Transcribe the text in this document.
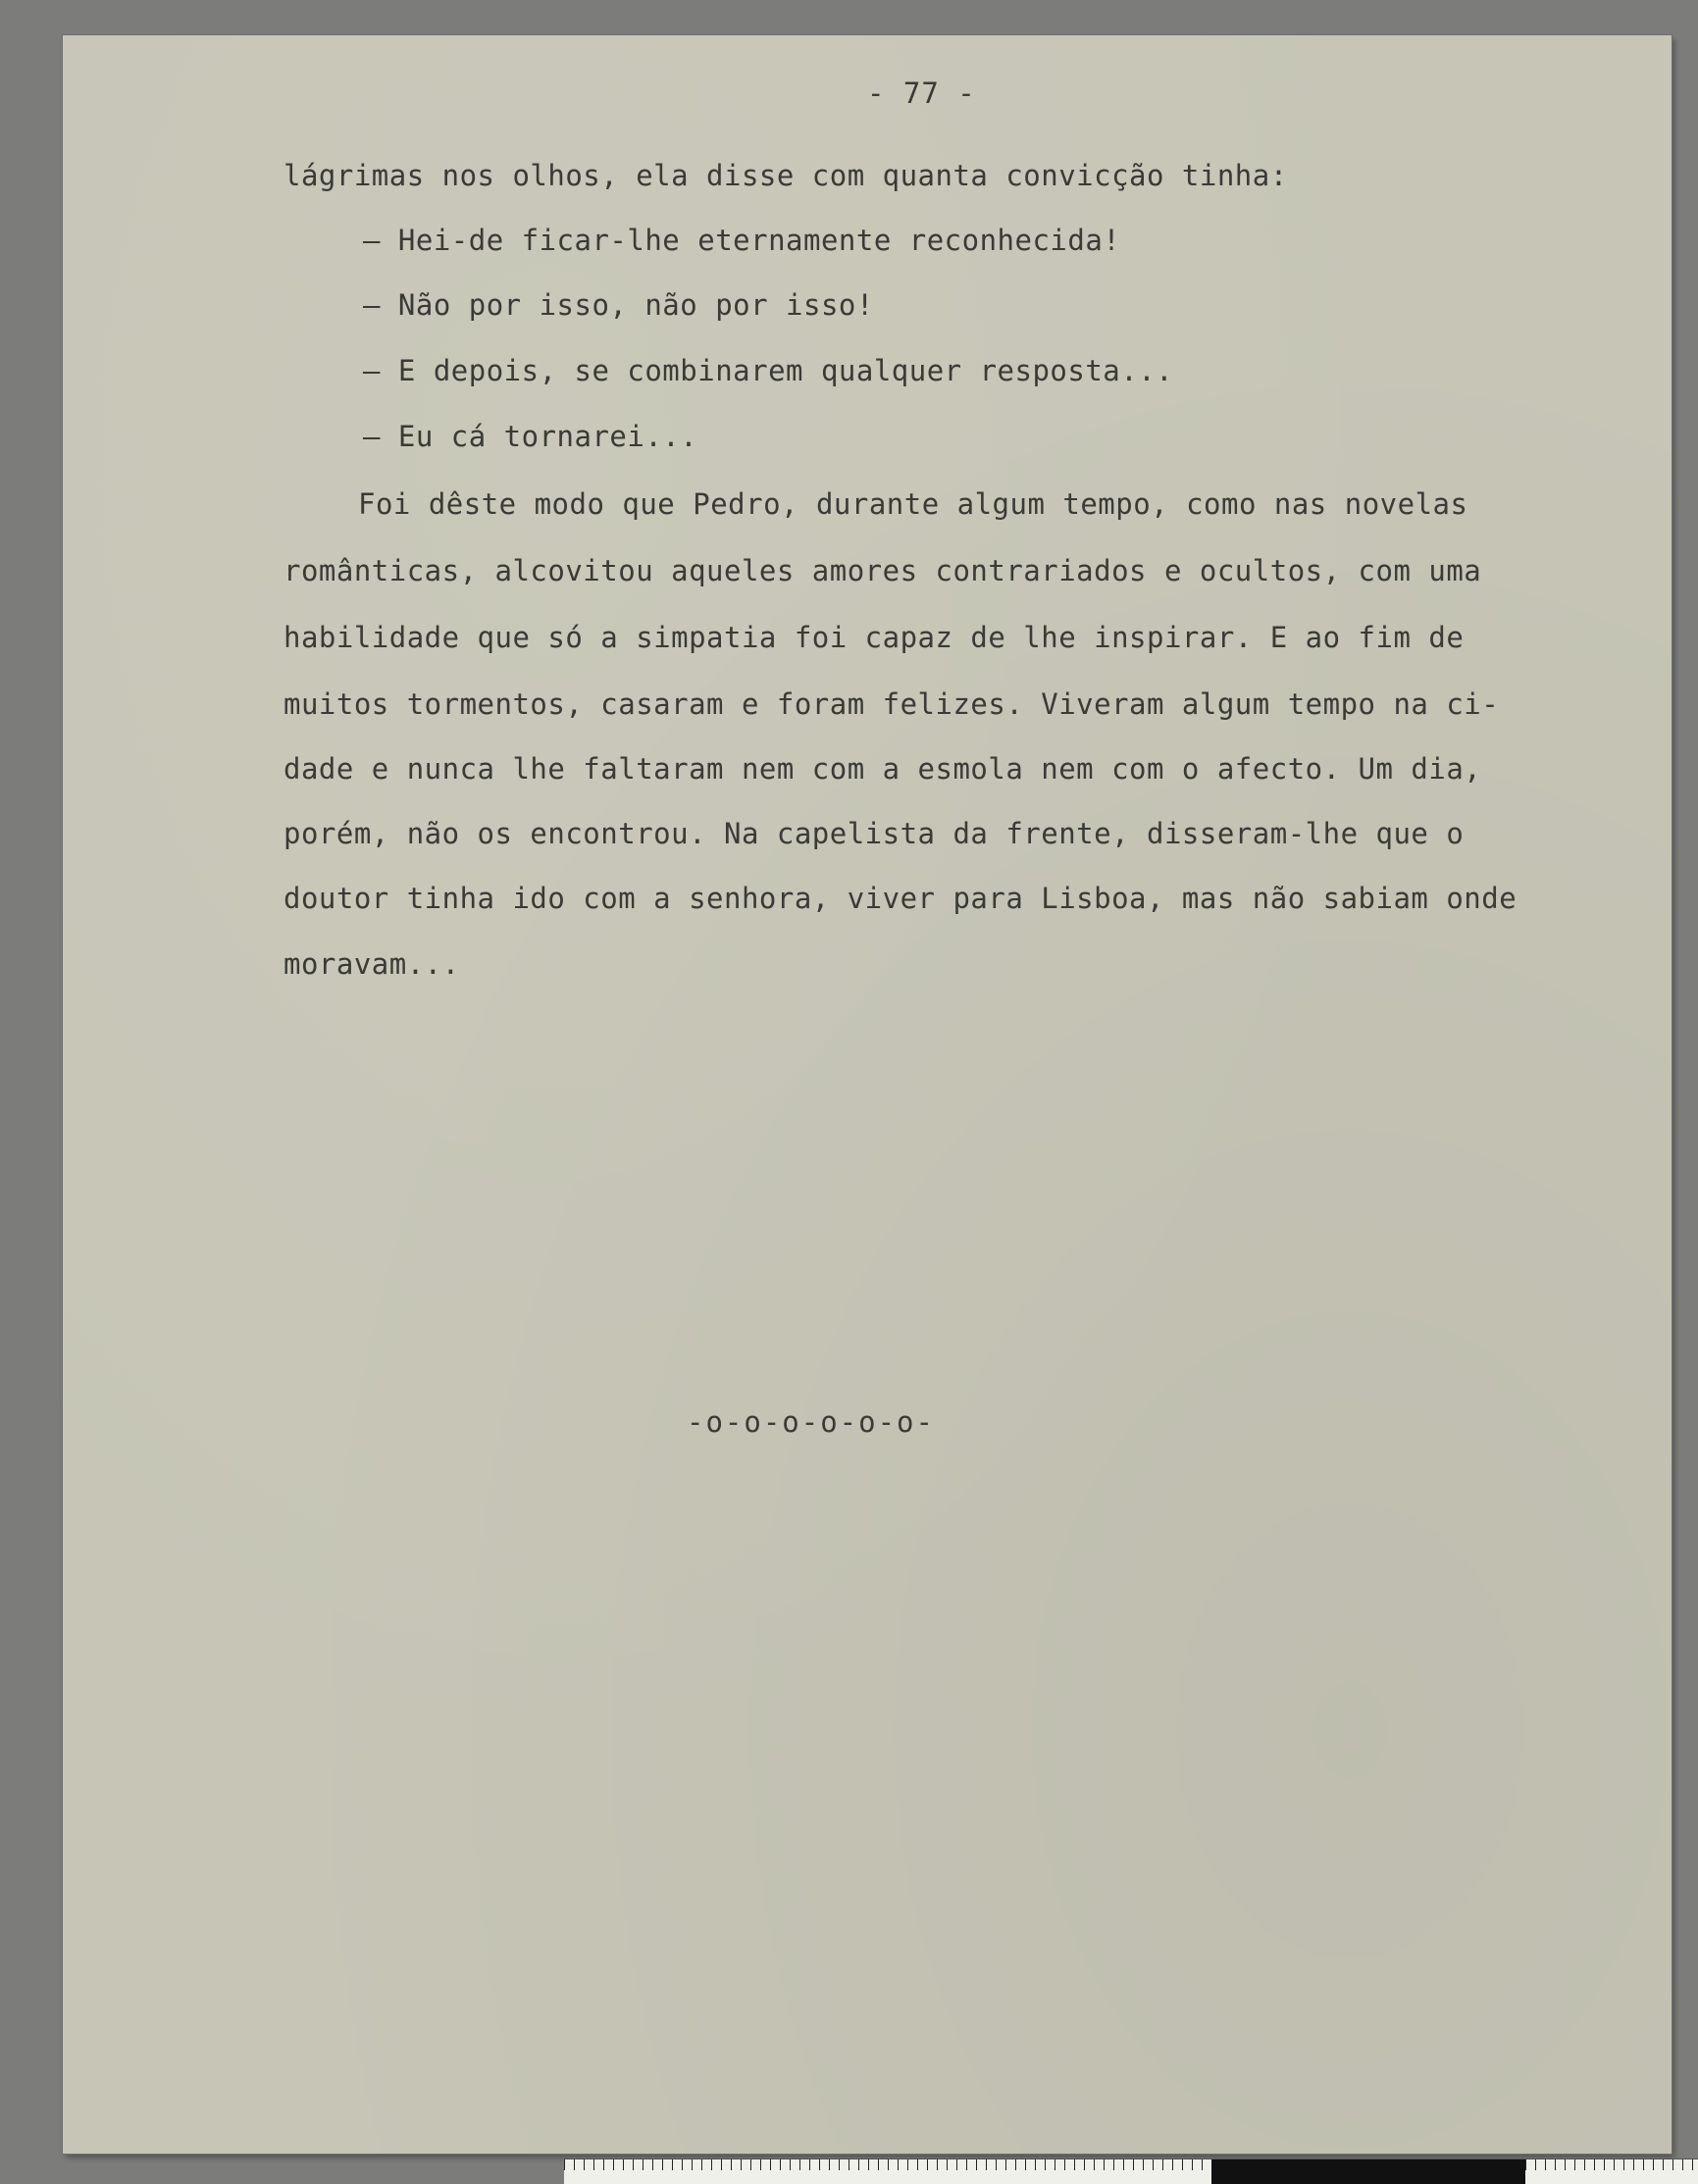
- 77 -
lágrimas nos olhos, ela disse com quanta convicção tinha:
— Hei-de ficar-lhe eternamente reconhecida!
— Não por isso, não por isso!
— E depois, se combinarem qualquer resposta...
— Eu cá tornarei...
Foi dêste modo que Pedro, durante algum tempo, como nas novelas
românticas, alcovitou aqueles amores contrariados e ocultos, com uma
habilidade que só a simpatia foi capaz de lhe inspirar. E ao fim de
muitos tormentos, casaram e foram felizes. Viveram algum tempo na ci-
dade e nunca lhe faltaram nem com a esmola nem com o afecto. Um dia,
porém, não os encontrou. Na capelista da frente, disseram-lhe que o
doutor tinha ido com a senhora, viver para Lisboa, mas não sabiam onde
moravam...
-o-o-o-o-o-o-
